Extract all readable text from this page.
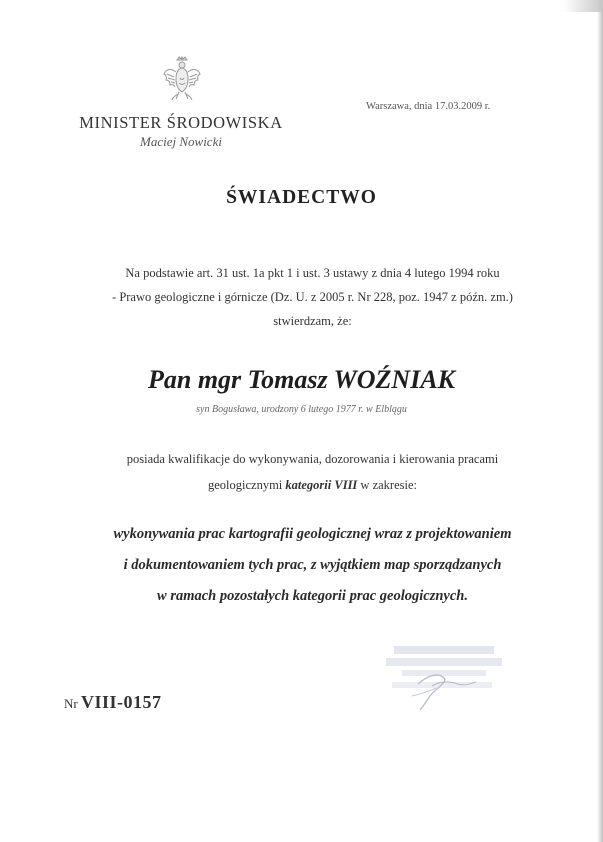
MINISTER ŚRODOWISKA
Maciej Nowicki
Warszawa, dnia 17.03.2009 r.
ŚWIADECTWO
Na podstawie art. 31 ust. 1a pkt 1 i ust. 3 ustawy z dnia 4 lutego 1994 roku
- Prawo geologiczne i górnicze (Dz. U. z 2005 r. Nr 228, poz. 1947 z późn. zm.)
stwierdzam, że:
Pan mgr Tomasz WOŹNIAK
syn Bogusława, urodzony 6 lutego 1977 r. w Elblągu
posiada kwalifikacje do wykonywania, dozorowania i kierowania pracami
geologicznymi kategorii VIII w zakresie:
wykonywania prac kartografii geologicznej wraz z projektowaniem
i dokumentowaniem tych prac, z wyjątkiem map sporządzanych
w ramach pozostałych kategorii prac geologicznych.
Nr VIII-0157
